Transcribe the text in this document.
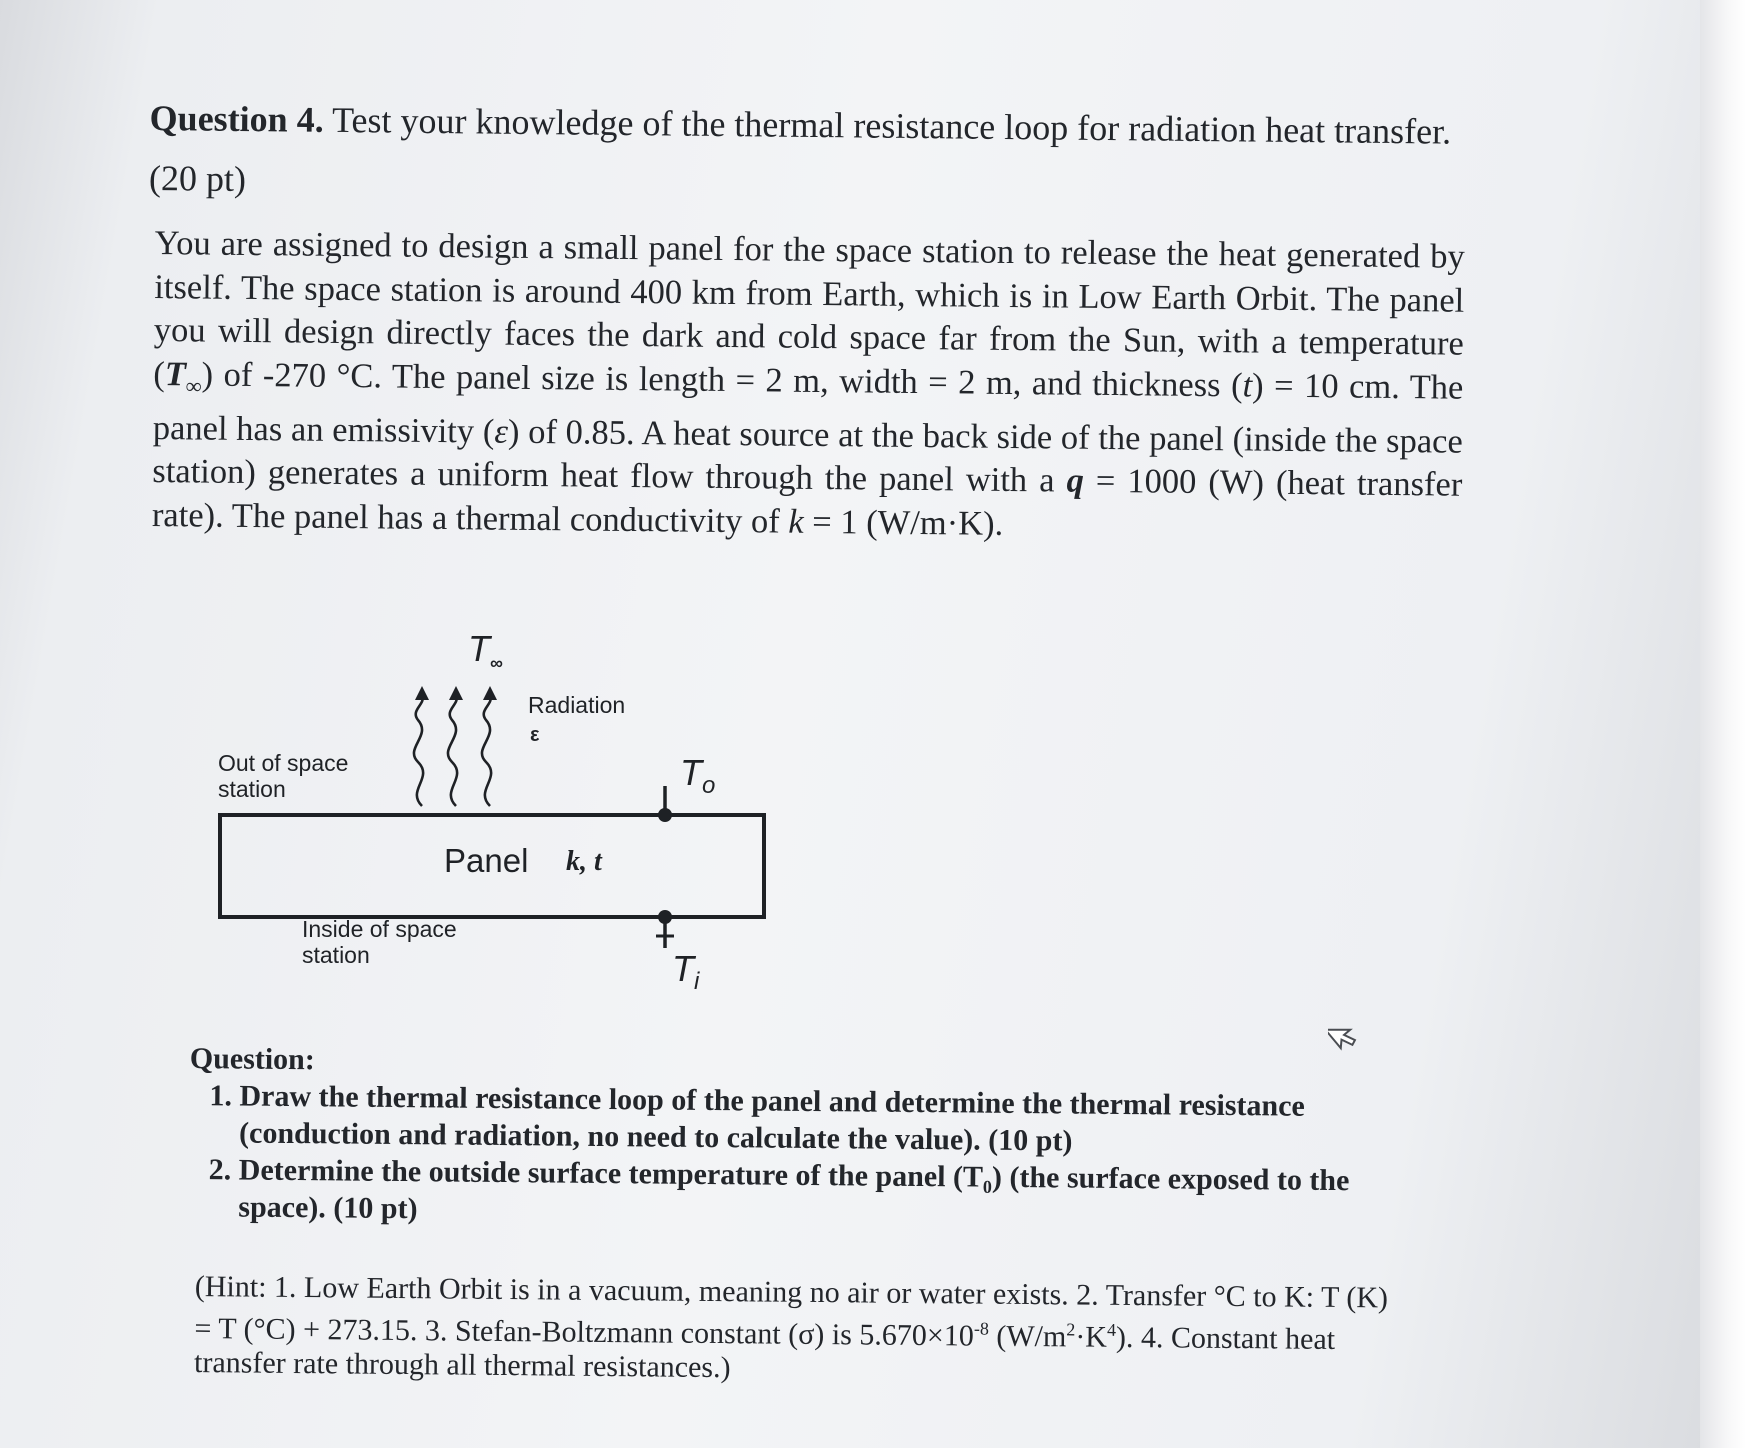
Question 4. Test your knowledge of the thermal resistance loop for radiation heat transfer. (20 pt)
You are assigned to design a small panel for the space station to release the heat generated by itself. The space station is around 400 km from Earth, which is in Low Earth Orbit. The panel you will design directly faces the dark and cold space far from the Sun, with a temperature $(T_\infty)$ of -270 °C. The panel size is length = 2 m, width = 2 m, and thickness (t) = 10 cm. The panel has an emissivity (ε) of 0.85. A heat source at the back side of the panel (inside the space station) generates a uniform heat flow through the panel with a q = 1000 (W) (heat transfer rate). The panel has a thermal conductivity of k = 1 (W/m·K).
$T_\infty$
Radiation
ε
Out of space station	$T_o$
Panel k, t
Inside of space station	$T_i$
Question:
1. Draw the thermal resistance loop of the panel and determine the thermal resistance (conduction and radiation, no need to calculate the value). (10 pt)
2. Determine the outside surface temperature of the panel (T₀) (the surface exposed to the space). (10 pt)
(Hint: 1. Low Earth Orbit is in a vacuum, meaning no air or water exists. 2. Transfer °C to K: T (K) = T (°C) + 273.15. 3. Stefan-Boltzmann constant (σ) is $5.670\times 10^{-8}$ $(W/m^2\cdot K^4)$. 4. Constant heat transfer rate through all thermal resistances.)
